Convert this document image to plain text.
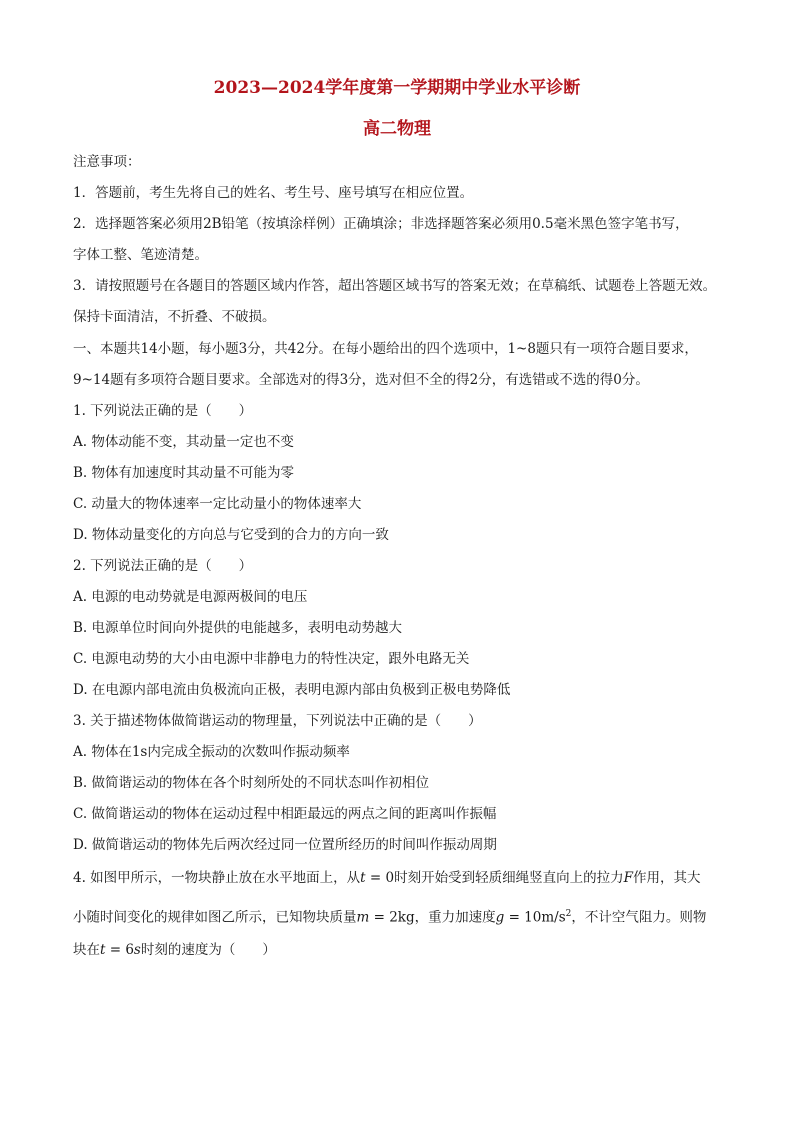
2023—2024学年度第一学期期中学业水平诊断
高二物理
注意事项：
1．答题前，考生先将自己的姓名、考生号、座号填写在相应位置。
2．选择题答案必须用2B铅笔（按填涂样例）正确填涂；非选择题答案必须用0.5毫米黑色签字笔书写，
字体工整、笔迹清楚。
3．请按照题号在各题目的答题区域内作答，超出答题区域书写的答案无效；在草稿纸、试题卷上答题无效。
保持卡面清洁，不折叠、不破损。
一、本题共14小题，每小题3分，共42分。在每小题给出的四个选项中，1~8题只有一项符合题目要求，
9~14题有多项符合题目要求。全部选对的得3分，选对但不全的得2分，有选错或不选的得0分。
1. 下列说法正确的是（　　）
A. 物体动能不变，其动量一定也不变
B. 物体有加速度时其动量不可能为零
C. 动量大的物体速率一定比动量小的物体速率大
D. 物体动量变化的方向总与它受到的合力的方向一致
2. 下列说法正确的是（　　）
A. 电源的电动势就是电源两极间的电压
B. 电源单位时间向外提供的电能越多，表明电动势越大
C. 电源电动势的大小由电源中非静电力的特性决定，跟外电路无关
D. 在电源内部电流由负极流向正极，表明电源内部由负极到正极电势降低
3. 关于描述物体做简谐运动的物理量，下列说法中正确的是（　　）
A. 物体在1s内完成全振动的次数叫作振动频率
B. 做简谐运动的物体在各个时刻所处的不同状态叫作初相位
C. 做简谐运动的物体在运动过程中相距最远的两点之间的距离叫作振幅
D. 做简谐运动的物体先后两次经过同一位置所经历的时间叫作振动周期
4. 如图甲所示，一物块静止放在水平地面上，从t = 0时刻开始受到轻质细绳竖直向上的拉力F作用，其大
小随时间变化的规律如图乙所示，已知物块质量m = 2kg，重力加速度$g = 10m/s^2$，不计空气阻力。则物
块在t = 6s时刻的速度为（　　）
